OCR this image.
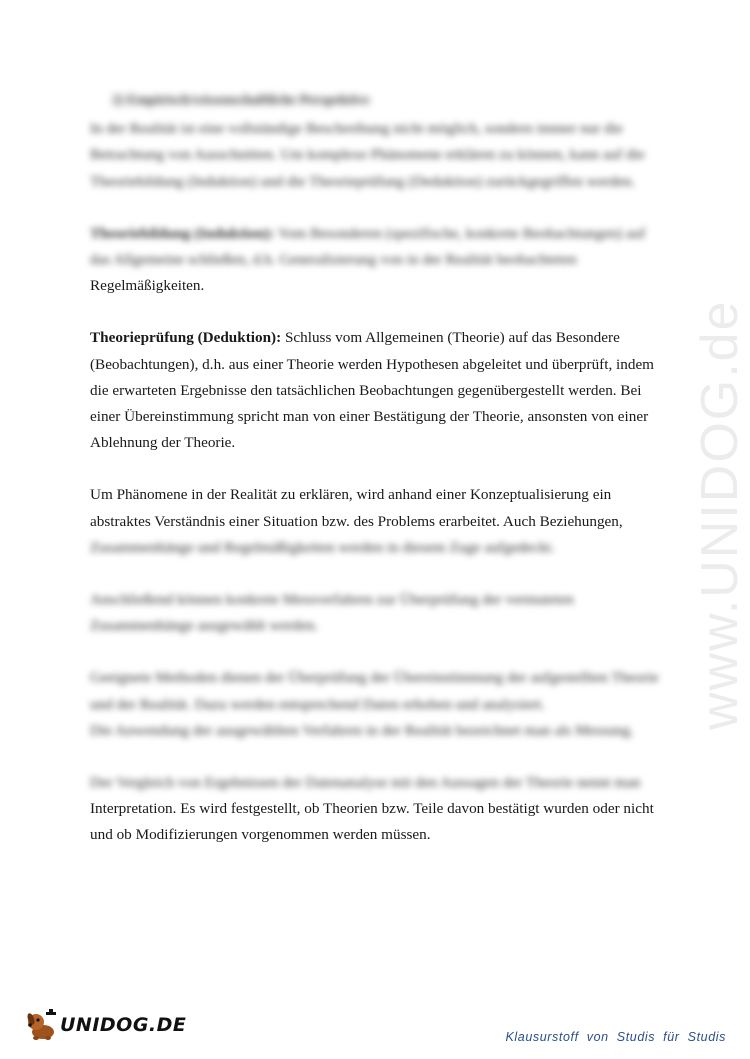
www.UNIDOG.de

2) Empirisch/wissenschaftliche Perspektive

In der Realität ist eine vollständige Beschreibung nicht möglich, sondern immer nur die Betrachtung von Ausschnitten. Um komplexe Phänomene erklären zu können, kann auf die Theoriebildung (Induktion) und die Theorieprüfung (Deduktion) zurückgegriffen werden.

Theoriebildung (Induktion): Vom Besonderen (spezifische, konkrete Beobachtungen) auf das Allgemeine schließen, d.h. Generalisierung von in der Realität beobachteten
Regelmäßigkeiten.

Theorieprüfung (Deduktion): Schluss vom Allgemeinen (Theorie) auf das Besondere (Beobachtungen), d.h. aus einer Theorie werden Hypothesen abgeleitet und überprüft, indem die erwarteten Ergebnisse den tatsächlichen Beobachtungen gegenübergestellt werden. Bei einer Übereinstimmung spricht man von einer Bestätigung der Theorie, ansonsten von einer Ablehnung der Theorie.

Um Phänomene in der Realität zu erklären, wird anhand einer Konzeptualisierung ein abstraktes Verständnis einer Situation bzw. des Problems erarbeitet. Auch Beziehungen,
Zusammenhänge und Regelmäßigkeiten werden in diesem Zuge aufgedeckt.

Anschließend können konkrete Messverfahren zur Überprüfung der vermuteten Zusammenhänge ausgewählt werden.

Geeignete Methoden dienen der Überprüfung der Übereinstimmung der aufgestellten Theorie und der Realität. Dazu werden entsprechend Daten erhoben und analysiert.

Die Anwendung der ausgewählten Verfahren in der Realität bezeichnet man als Messung.

Der Vergleich von Ergebnissen der Datenanalyse mit den Aussagen der Theorie nennt man
Interpretation. Es wird festgestellt, ob Theorien bzw. Teile davon bestätigt wurden oder nicht und ob Modifizierungen vorgenommen werden müssen.

UNIDOG.DE
Klausurstoff von Studis für Studis
